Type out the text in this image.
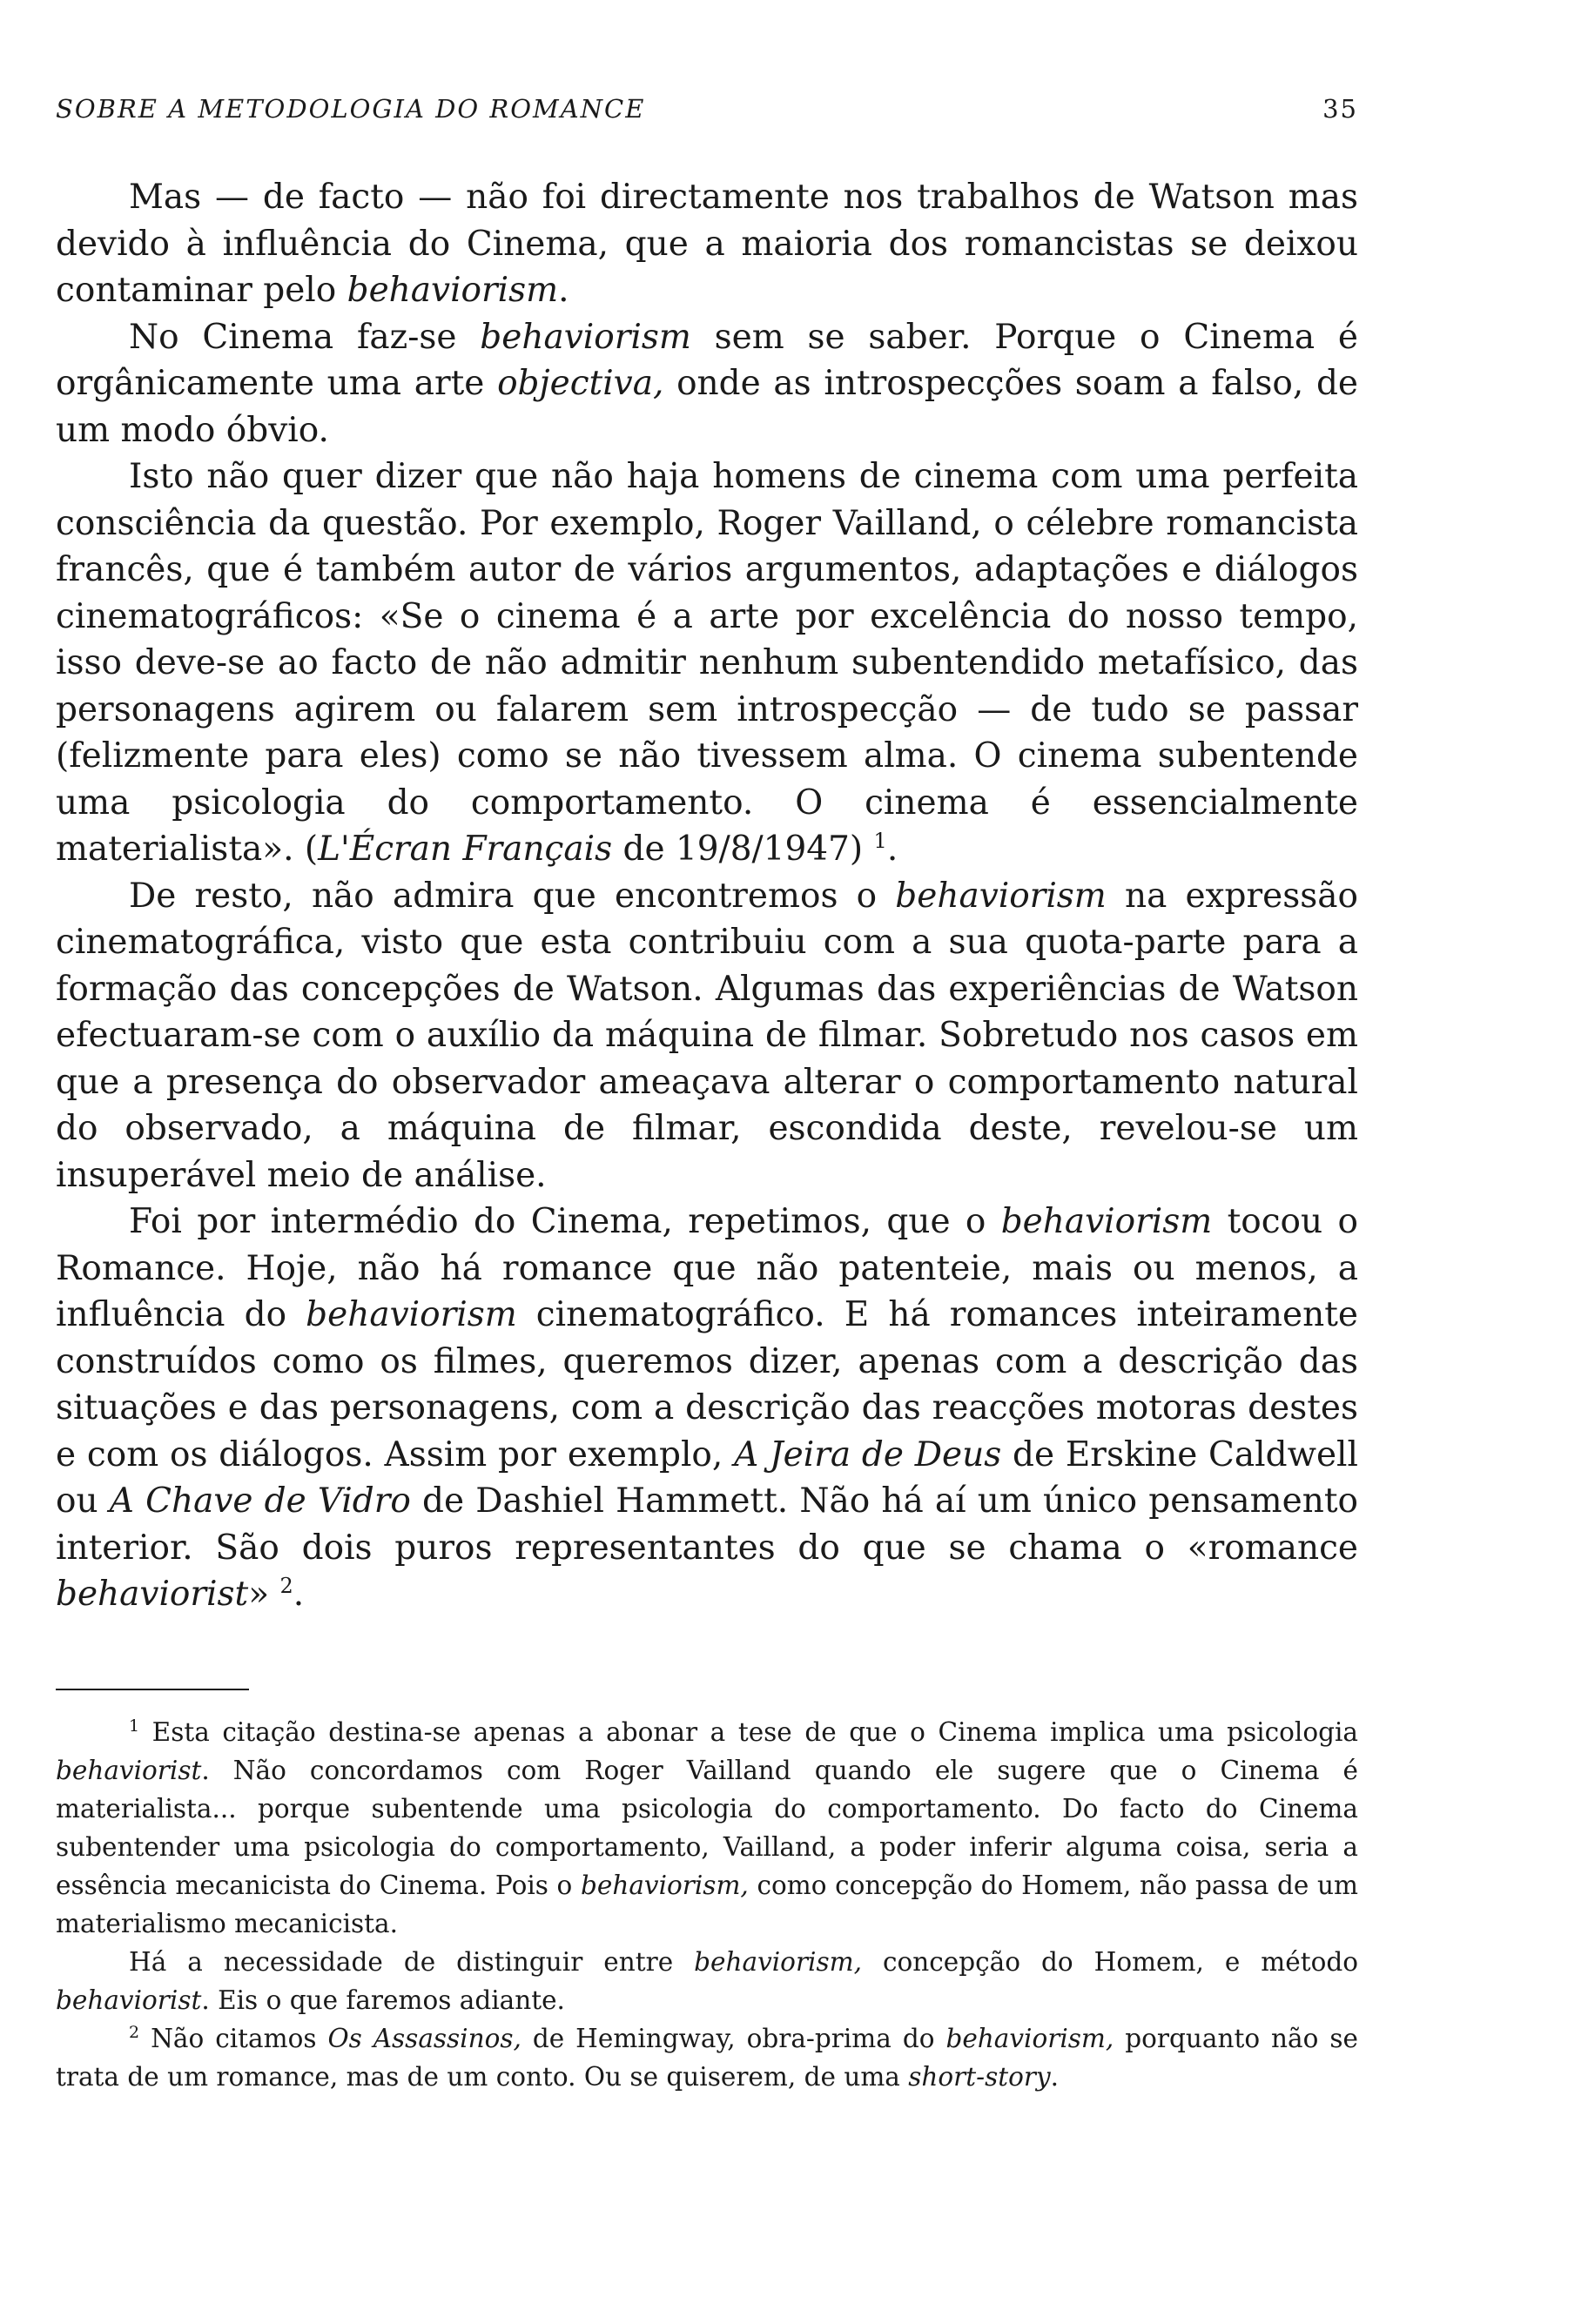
SOBRE A METODOLOGIA DO ROMANCE	35

Mas — de facto — não foi directamente nos trabalhos de Watson mas devido à influência do Cinema, que a maioria dos romancistas se deixou contaminar pelo behaviorism.

No Cinema faz-se behaviorism sem se saber. Porque o Cinema é orgânicamente uma arte objectiva, onde as introspecções soam a falso, de um modo óbvio.

Isto não quer dizer que não haja homens de cinema com uma perfeita consciência da questão. Por exemplo, Roger Vailland, o célebre romancista francês, que é também autor de vários argumentos, adaptações e diálogos cinematográficos: «Se o cinema é a arte por excelência do nosso tempo, isso deve-se ao facto de não admitir nenhum subentendido metafísico, das personagens agirem ou falarem sem introspecção — de tudo se passar (felizmente para eles) como se não tivessem alma. O cinema subentende uma psicologia do comportamento. O cinema é essencialmente materialista». (L'Écran Français de 19/8/1947) $^1$.

De resto, não admira que encontremos o behaviorism na expressão cinematográfica, visto que esta contribuiu com a sua quota-parte para a formação das concepções de Watson. Algumas das experiências de Watson efectuaram-se com o auxílio da máquina de filmar. Sobretudo nos casos em que a presença do observador ameaçava alterar o comportamento natural do observado, a máquina de filmar, escondida deste, revelou-se um insuperável meio de análise.

Foi por intermédio do Cinema, repetimos, que o behaviorism tocou o Romance. Hoje, não há romance que não patenteie, mais ou menos, a influência do behaviorism cinematográfico. E há romances inteiramente construídos como os filmes, queremos dizer, apenas com a descrição das situações e das personagens, com a descrição das reacções motoras destes e com os diálogos. Assim por exemplo, A Jeira de Deus de Erskine Caldwell ou A Chave de Vidro de Dashiel Hammett. Não há aí um único pensamento interior. São dois puros representantes do que se chama o «romance behaviorist» $^2$.

$^1$ Esta citação destina-se apenas a abonar a tese de que o Cinema implica uma psicologia behaviorist. Não concordamos com Roger Vailland quando ele sugere que o Cinema é materialista... porque subentende uma psicologia do comportamento. Do facto do Cinema subentender uma psicologia do comportamento, Vailland, a poder inferir alguma coisa, seria a essência mecanicista do Cinema. Pois o behaviorism, como concepção do Homem, não passa de um materialismo mecanicista.

Há a necessidade de distinguir entre behaviorism, concepção do Homem, e método behaviorist. Eis o que faremos adiante.

$^2$ Não citamos Os Assassinos, de Hemingway, obra-prima do behaviorism, porquanto não se trata de um romance, mas de um conto. Ou se quiserem, de uma short-story.
